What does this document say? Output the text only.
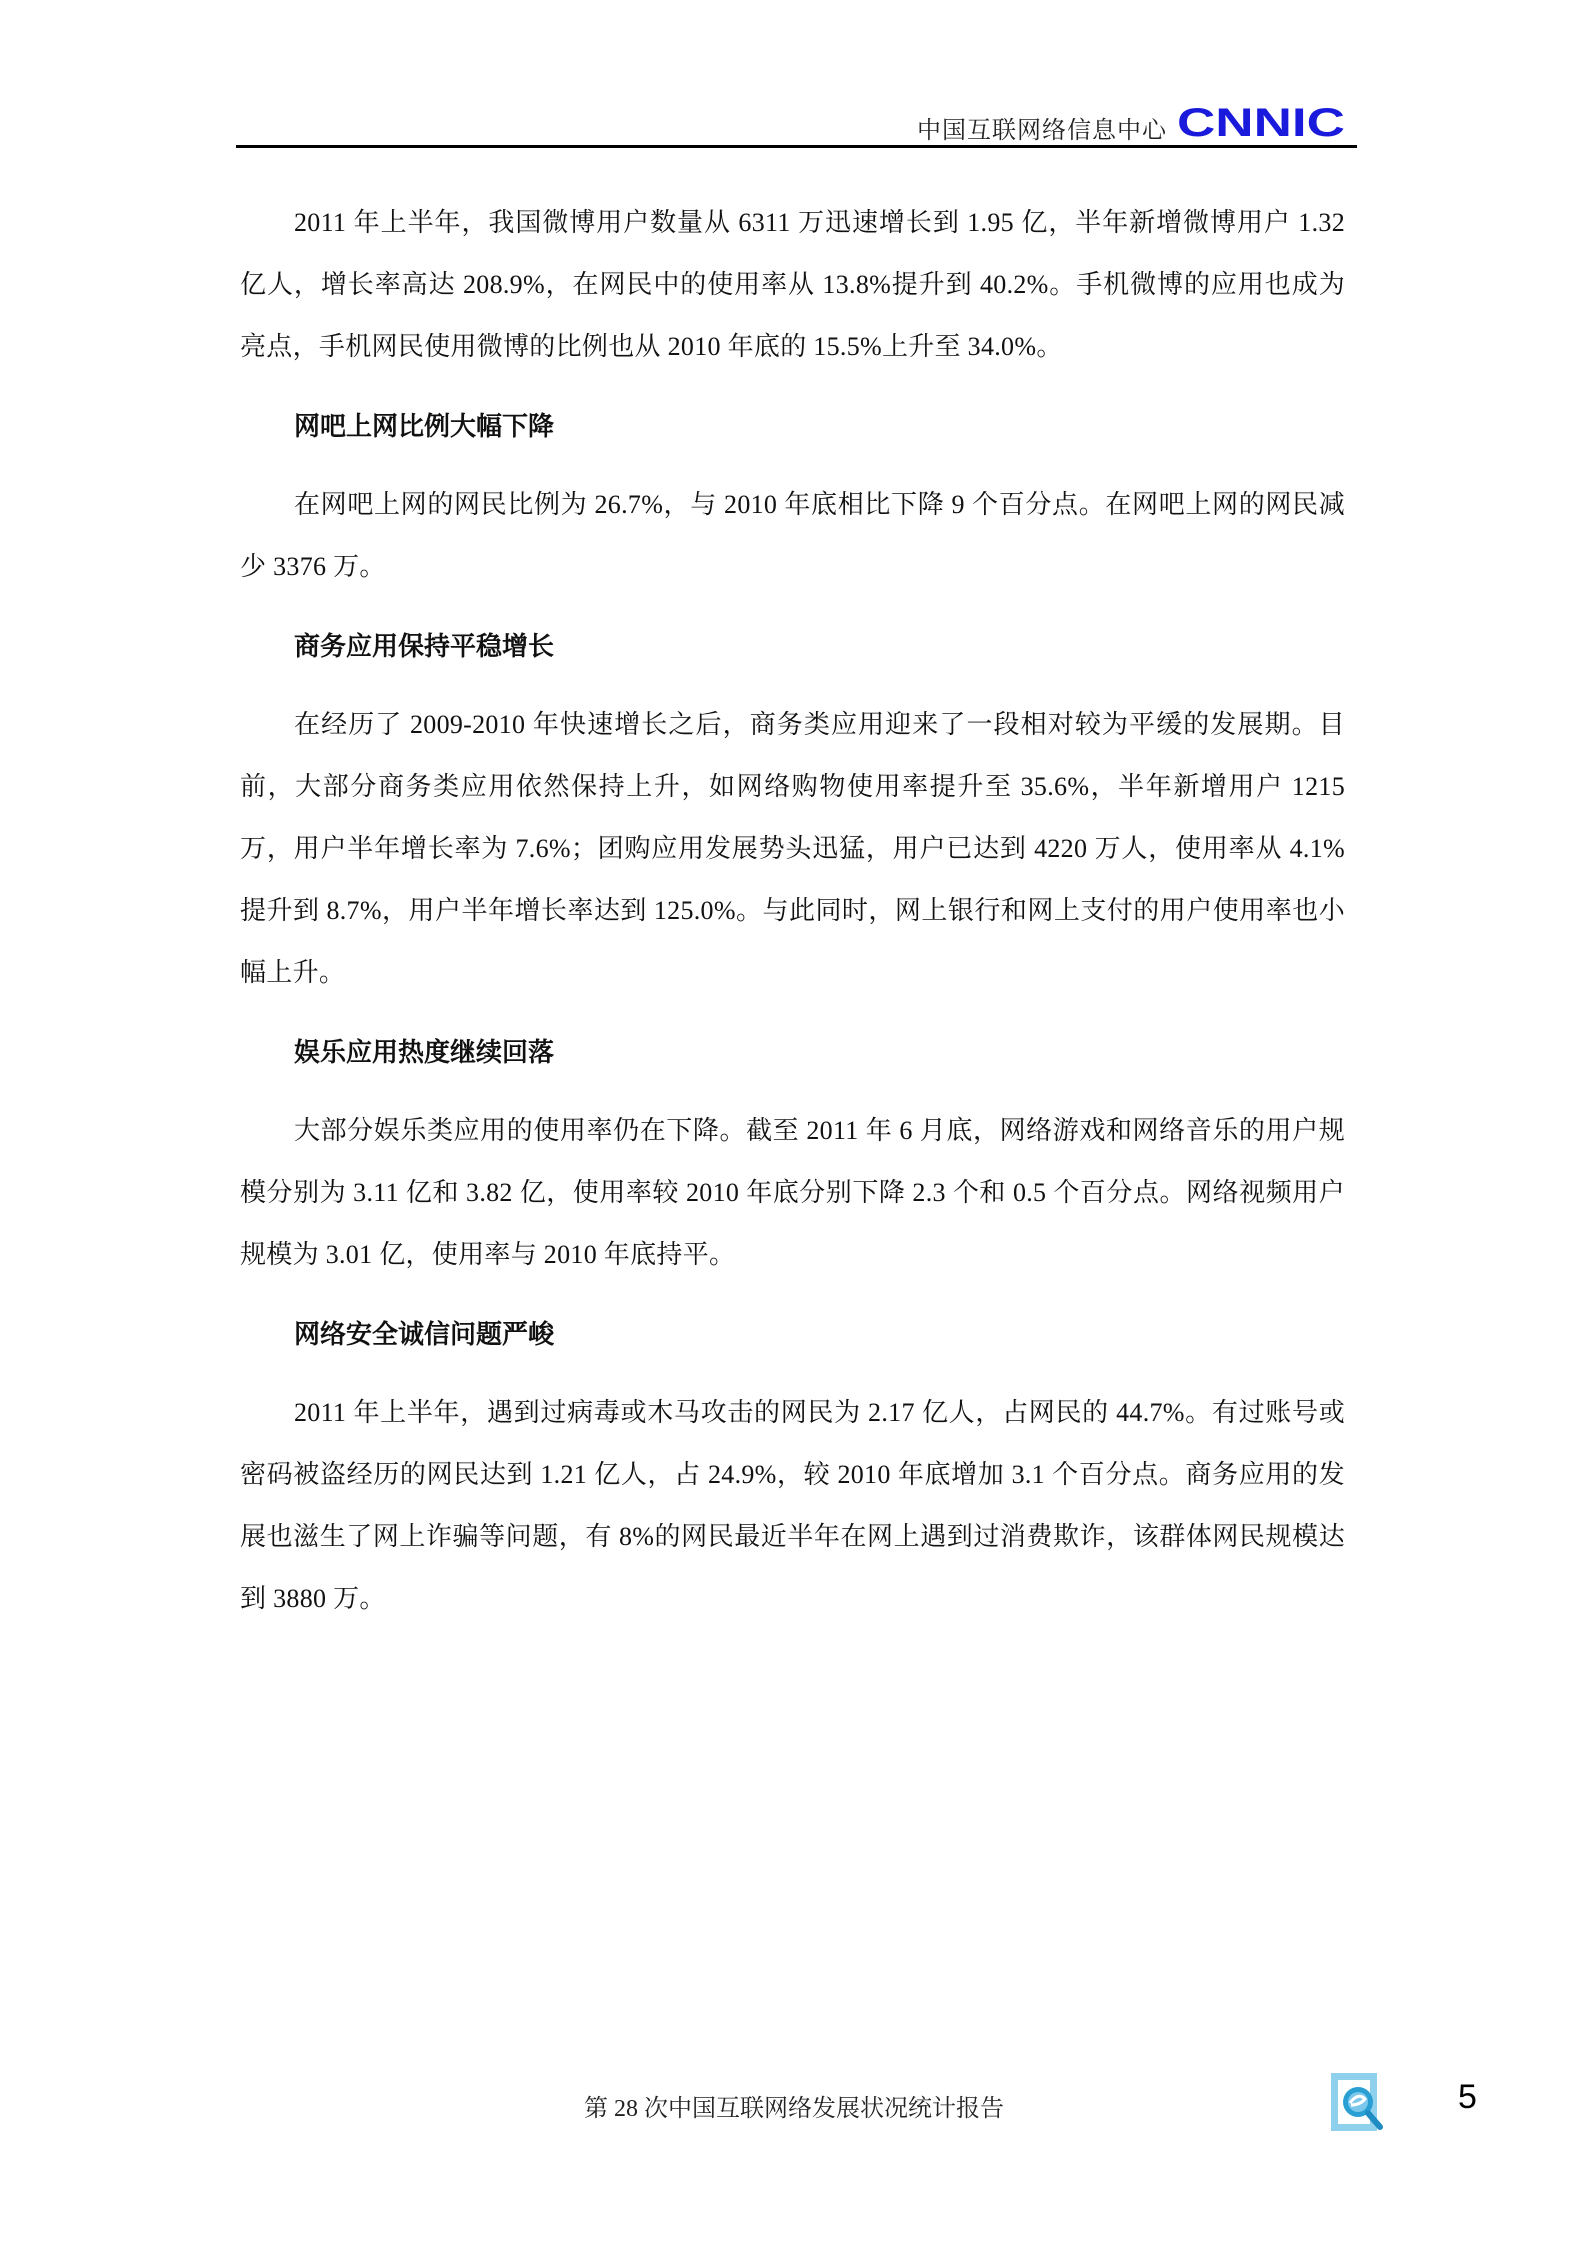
中国互联网络信息中心 CNNIC

2011 年上半年，我国微博用户数量从 6311 万迅速增长到 1.95 亿，半年新增微博用户 1.32 亿人，增长率高达 208.9%，在网民中的使用率从 13.8%提升到 40.2%。手机微博的应用也成为亮点，手机网民使用微博的比例也从 2010 年底的 15.5%上升至 34.0%。

网吧上网比例大幅下降

在网吧上网的网民比例为 26.7%，与 2010 年底相比下降 9 个百分点。在网吧上网的网民减少 3376 万。

商务应用保持平稳增长

在经历了 2009-2010 年快速增长之后，商务类应用迎来了一段相对较为平缓的发展期。目前，大部分商务类应用依然保持上升，如网络购物使用率提升至 35.6%，半年新增用户 1215 万，用户半年增长率为 7.6%；团购应用发展势头迅猛，用户已达到 4220 万人，使用率从 4.1%提升到 8.7%，用户半年增长率达到 125.0%。与此同时，网上银行和网上支付的用户使用率也小幅上升。

娱乐应用热度继续回落

大部分娱乐类应用的使用率仍在下降。截至 2011 年 6 月底，网络游戏和网络音乐的用户规模分别为 3.11 亿和 3.82 亿，使用率较 2010 年底分别下降 2.3 个和 0.5 个百分点。网络视频用户规模为 3.01 亿，使用率与 2010 年底持平。

网络安全诚信问题严峻

2011 年上半年，遇到过病毒或木马攻击的网民为 2.17 亿人，占网民的 44.7%。有过账号或密码被盗经历的网民达到 1.21 亿人，占 24.9%，较 2010 年底增加 3.1 个百分点。商务应用的发展也滋生了网上诈骗等问题，有 8%的网民最近半年在网上遇到过消费欺诈，该群体网民规模达到 3880 万。

第 28 次中国互联网络发展状况统计报告	5
